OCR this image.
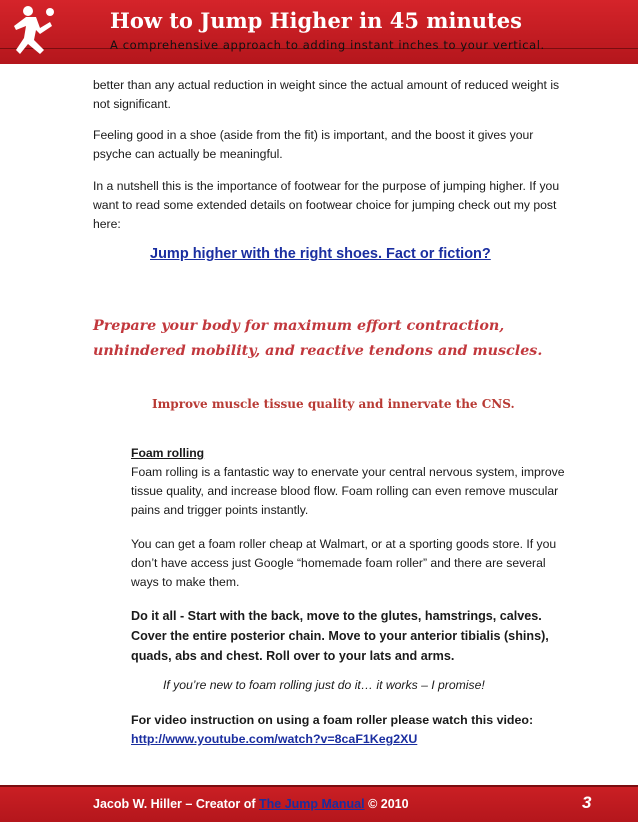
How to Jump Higher in 45 minutes
A comprehensive approach to adding instant inches to your vertical.

better than any actual reduction in weight since the actual amount of reduced weight is not significant.

Feeling good in a shoe (aside from the fit) is important, and the boost it gives your psyche can actually be meaningful.

In a nutshell this is the importance of footwear for the purpose of jumping higher. If you want to read some extended details on footwear choice for jumping check out my post here:

Jump higher with the right shoes. Fact or fiction?
Prepare your body for maximum effort contraction, unhindered mobility, and reactive tendons and muscles.
Improve muscle tissue quality and innervate the CNS.

Foam rolling

Foam rolling is a fantastic way to enervate your central nervous system, improve tissue quality, and increase blood flow. Foam rolling can even remove muscular pains and trigger points instantly.

You can get a foam roller cheap at Walmart, or at a sporting goods store. If you don’t have access just Google “homemade foam roller” and there are several ways to make them.

Do it all - Start with the back, move to the glutes, hamstrings, calves. Cover the entire posterior chain. Move to your anterior tibialis (shins), quads, abs and chest. Roll over to your lats and arms.

If you’re new to foam rolling just do it… it works – I promise!
For video instruction on using a foam roller please watch this video:
http://www.youtube.com/watch?v=8caF1Keg2XU
Jacob W. Hiller – Creator of The Jump Manual © 2010	3
